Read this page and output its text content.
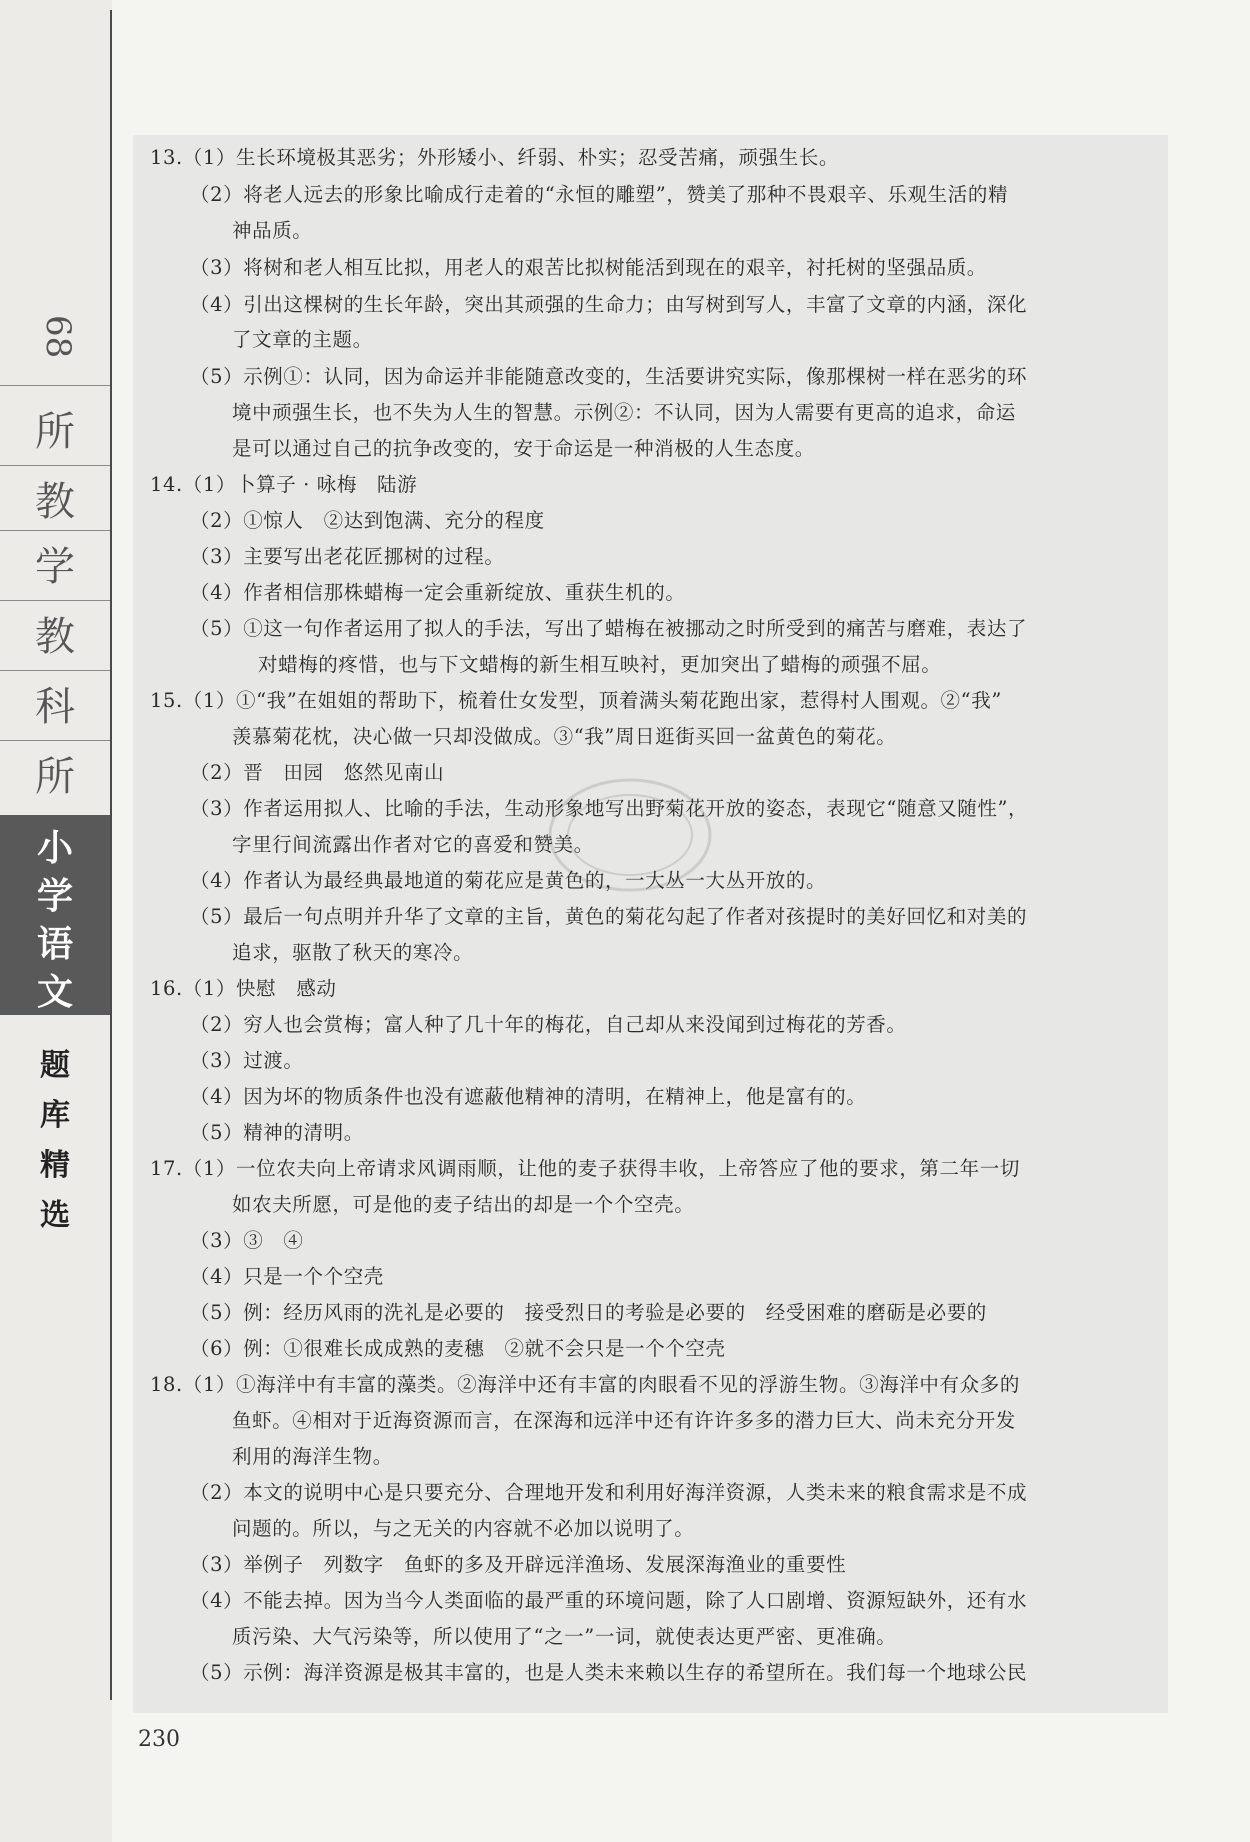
68
所
教
学
教
科
所
小
学
语
文
题
库
精
选
13.（1）生长环境极其恶劣；外形矮小、纤弱、朴实；忍受苦痛，顽强生长。
（2）将老人远去的形象比喻成行走着的“永恒的雕塑”，赞美了那种不畏艰辛、乐观生活的精
神品质。
（3）将树和老人相互比拟，用老人的艰苦比拟树能活到现在的艰辛，衬托树的坚强品质。
（4）引出这棵树的生长年龄，突出其顽强的生命力；由写树到写人，丰富了文章的内涵，深化
了文章的主题。
（5）示例①：认同，因为命运并非能随意改变的，生活要讲究实际，像那棵树一样在恶劣的环
境中顽强生长，也不失为人生的智慧。示例②：不认同，因为人需要有更高的追求，命运
是可以通过自己的抗争改变的，安于命运是一种消极的人生态度。
14.（1）卜算子 · 咏梅　陆游
（2）①惊人　②达到饱满、充分的程度
（3）主要写出老花匠挪树的过程。
（4）作者相信那株蜡梅一定会重新绽放、重获生机的。
（5）①这一句作者运用了拟人的手法，写出了蜡梅在被挪动之时所受到的痛苦与磨难，表达了
对蜡梅的疼惜，也与下文蜡梅的新生相互映衬，更加突出了蜡梅的顽强不屈。
15.（1）①“我”在姐姐的帮助下，梳着仕女发型，顶着满头菊花跑出家，惹得村人围观。②“我”
羡慕菊花枕，决心做一只却没做成。③“我”周日逛街买回一盆黄色的菊花。
（2）晋　田园　悠然见南山
（3）作者运用拟人、比喻的手法，生动形象地写出野菊花开放的姿态，表现它“随意又随性”，
字里行间流露出作者对它的喜爱和赞美。
（4）作者认为最经典最地道的菊花应是黄色的，一大丛一大丛开放的。
（5）最后一句点明并升华了文章的主旨，黄色的菊花勾起了作者对孩提时的美好回忆和对美的
追求，驱散了秋天的寒冷。
16.（1）快慰　感动
（2）穷人也会赏梅；富人种了几十年的梅花，自己却从来没闻到过梅花的芳香。
（3）过渡。
（4）因为坏的物质条件也没有遮蔽他精神的清明，在精神上，他是富有的。
（5）精神的清明。
17.（1）一位农夫向上帝请求风调雨顺，让他的麦子获得丰收，上帝答应了他的要求，第二年一切
如农夫所愿，可是他的麦子结出的却是一个个空壳。
（3）③　④
（4）只是一个个空壳
（5）例：经历风雨的洗礼是必要的　接受烈日的考验是必要的　经受困难的磨砺是必要的
（6）例：①很难长成成熟的麦穗　②就不会只是一个个空壳
18.（1）①海洋中有丰富的藻类。②海洋中还有丰富的肉眼看不见的浮游生物。③海洋中有众多的
鱼虾。④相对于近海资源而言，在深海和远洋中还有许许多多的潜力巨大、尚未充分开发
利用的海洋生物。
（2）本文的说明中心是只要充分、合理地开发和利用好海洋资源，人类未来的粮食需求是不成
问题的。所以，与之无关的内容就不必加以说明了。
（3）举例子　列数字　鱼虾的多及开辟远洋渔场、发展深海渔业的重要性
（4）不能去掉。因为当今人类面临的最严重的环境问题，除了人口剧增、资源短缺外，还有水
质污染、大气污染等，所以使用了“之一”一词，就使表达更严密、更准确。
（5）示例：海洋资源是极其丰富的，也是人类未来赖以生存的希望所在。我们每一个地球公民
230
